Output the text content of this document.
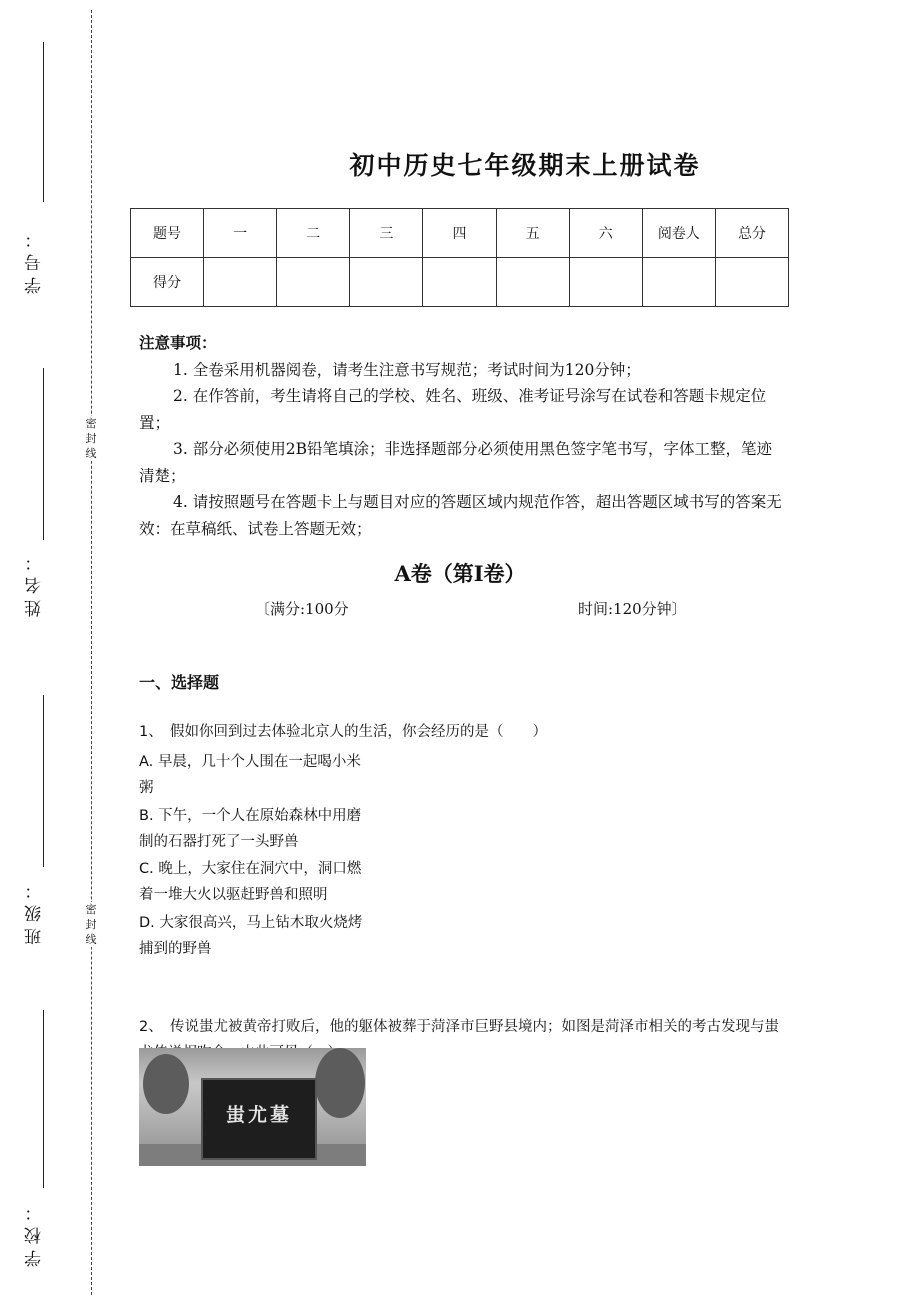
学号：
姓名：
班级：
学校：
密封线
密封线
初中历史七年级期末上册试卷
题号	一	二	三	四	五	六	阅卷人	总分
得分								
注意事项：

1. 全卷采用机器阅卷，请考生注意书写规范；考试时间为120分钟；

2. 在作答前，考生请将自己的学校、姓名、班级、准考证号涂写在试卷和答题卡规定位置；

3. 部分必须使用2B铅笔填涂；非选择题部分必须使用黑色签字笔书写，字体工整，笔迹清楚；

4. 请按照题号在答题卡上与题目对应的答题区域内规范作答，超出答题区域书写的答案无效：在草稿纸、试卷上答题无效；

A卷（第I卷）
〔满分:100分	时间:120分钟〕
一、选择题
1、　假如你回到过去体验北京人的生活，你会经历的是（　　）
A. 早晨，几十个人围在一起喝小米粥
B. 下午，一个人在原始森林中用磨制的石器打死了一头野兽
C. 晚上，大家住在洞穴中，洞口燃着一堆大火以驱赶野兽和照明
D. 大家很高兴，马上钻木取火烧烤捕到的野兽
2、　传说蚩尤被黄帝打败后，他的躯体被葬于菏泽市巨野县境内；如图是菏泽市相关的考古发现与蚩　
蚩尤墓
